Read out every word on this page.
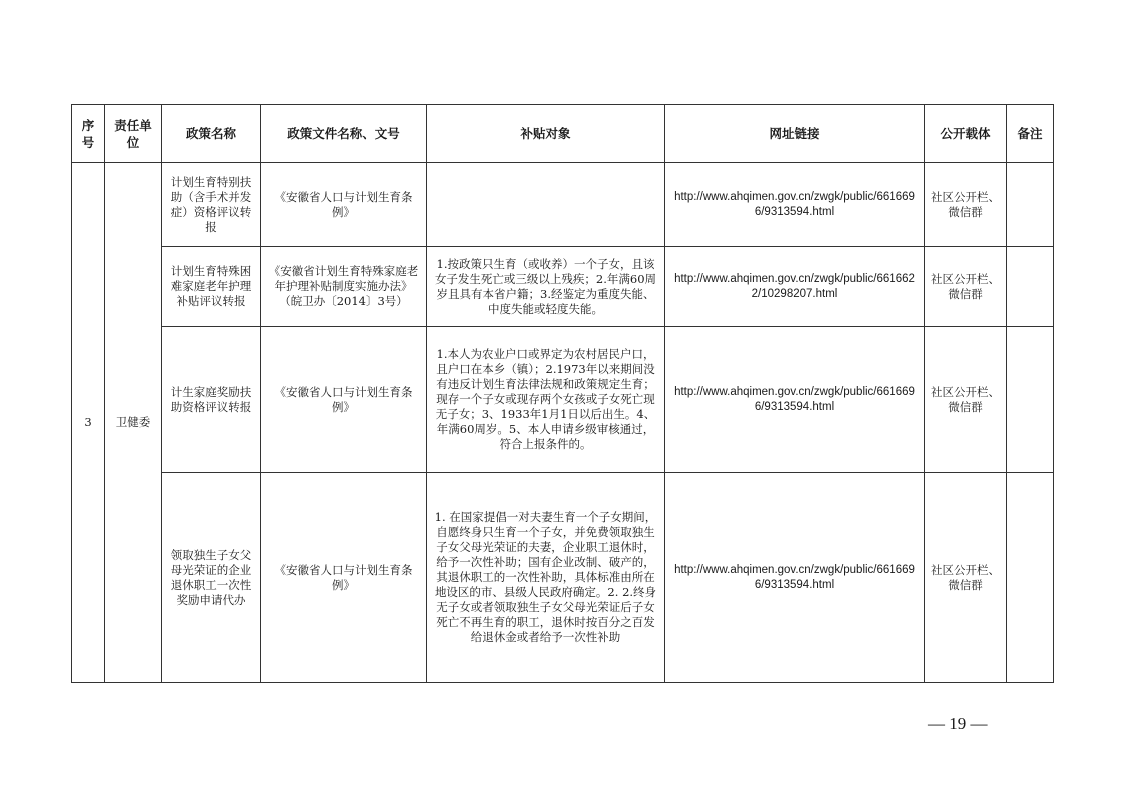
序号	责任单位	政策名称	政策文件名称、文号	补贴对象	网址链接	公开载体	备注
3	卫健委	计划生育特别扶助（含手术并发症）资格评议转报	《安徽省人口与计划生育条例》		http://www.ahqimen.gov.cn/zwgk/public/6616696/9313594.html	社区公开栏、微信群	
		计划生育特殊困难家庭老年护理补贴评议转报	《安徽省计划生育特殊家庭老年护理补贴制度实施办法》（皖卫办〔2014〕3号）	1.按政策只生育（或收养）一个子女，且该女子发生死亡或三级以上残疾；2.年满60周岁且具有本省户籍；3.经鉴定为重度失能、中度失能或轻度失能。	http://www.ahqimen.gov.cn/zwgk/public/6616622/10298207.html	社区公开栏、微信群	
		计生家庭奖励扶助资格评议转报	《安徽省人口与计划生育条例》	1.本人为农业户口或界定为农村居民户口，且户口在本乡（镇）；2.1973年以来期间没有违反计划生育法律法规和政策规定生育；现存一个子女或现存两个女孩或子女死亡现无子女；3、1933年1月1日以后出生。4、年满60周岁。5、本人申请乡级审核通过，符合上报条件的。	http://www.ahqimen.gov.cn/zwgk/public/6616696/9313594.html	社区公开栏、微信群	
		领取独生子女父母光荣证的企业退休职工一次性奖励申请代办	《安徽省人口与计划生育条例》	1. 在国家提倡一对夫妻生育一个子女期间，自愿终身只生育一个子女，并免费领取独生子女父母光荣证的夫妻，企业职工退休时，给予一次性补助；国有企业改制、破产的，其退休职工的一次性补助，具体标准由所在地设区的市、县级人民政府确定。2. 2.终身无子女或者领取独生子女父母光荣证后子女死亡不再生育的职工，退休时按百分之百发给退休金或者给予一次性补助	http://www.ahqimen.gov.cn/zwgk/public/6616696/9313594.html	社区公开栏、微信群	
— 19 —
